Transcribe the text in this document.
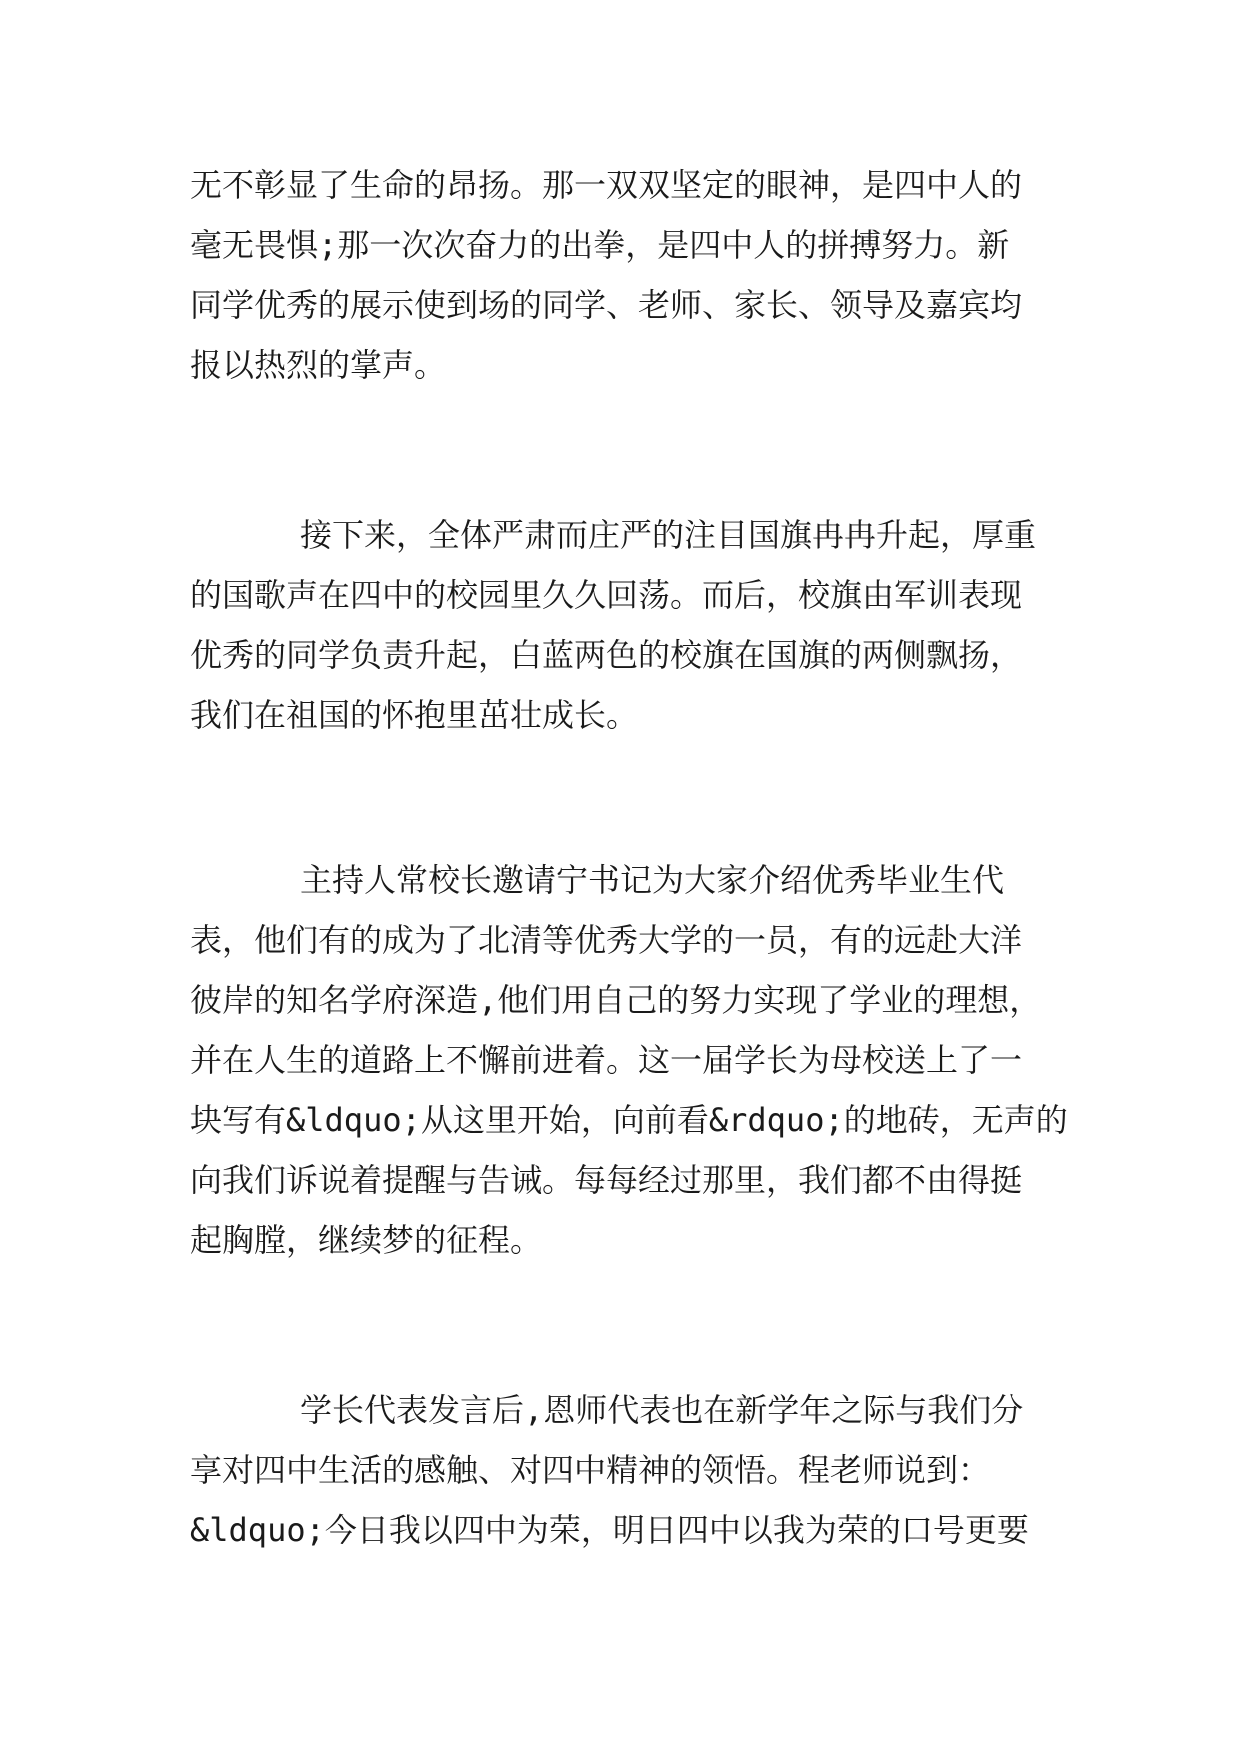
无不彰显了生命的昂扬。那一双双坚定的眼神，是四中人的
毫无畏惧;那一次次奋力的出拳，是四中人的拼搏努力。新
同学优秀的展示使到场的同学、老师、家长、领导及嘉宾均
报以热烈的掌声。
接下来，全体严肃而庄严的注目国旗冉冉升起，厚重
的国歌声在四中的校园里久久回荡。而后，校旗由军训表现
优秀的同学负责升起，白蓝两色的校旗在国旗的两侧飘扬，
我们在祖国的怀抱里茁壮成长。
主持人常校长邀请宁书记为大家介绍优秀毕业生代
表，他们有的成为了北清等优秀大学的一员，有的远赴大洋
彼岸的知名学府深造,他们用自己的努力实现了学业的理想，
并在人生的道路上不懈前进着。这一届学长为母校送上了一
块写有&ldquo;从这里开始，向前看&rdquo;的地砖，无声的
向我们诉说着提醒与告诫。每每经过那里，我们都不由得挺
起胸膛，继续梦的征程。
学长代表发言后,恩师代表也在新学年之际与我们分
享对四中生活的感触、对四中精神的领悟。程老师说到：
&ldquo;今日我以四中为荣，明日四中以我为荣的口号更要
